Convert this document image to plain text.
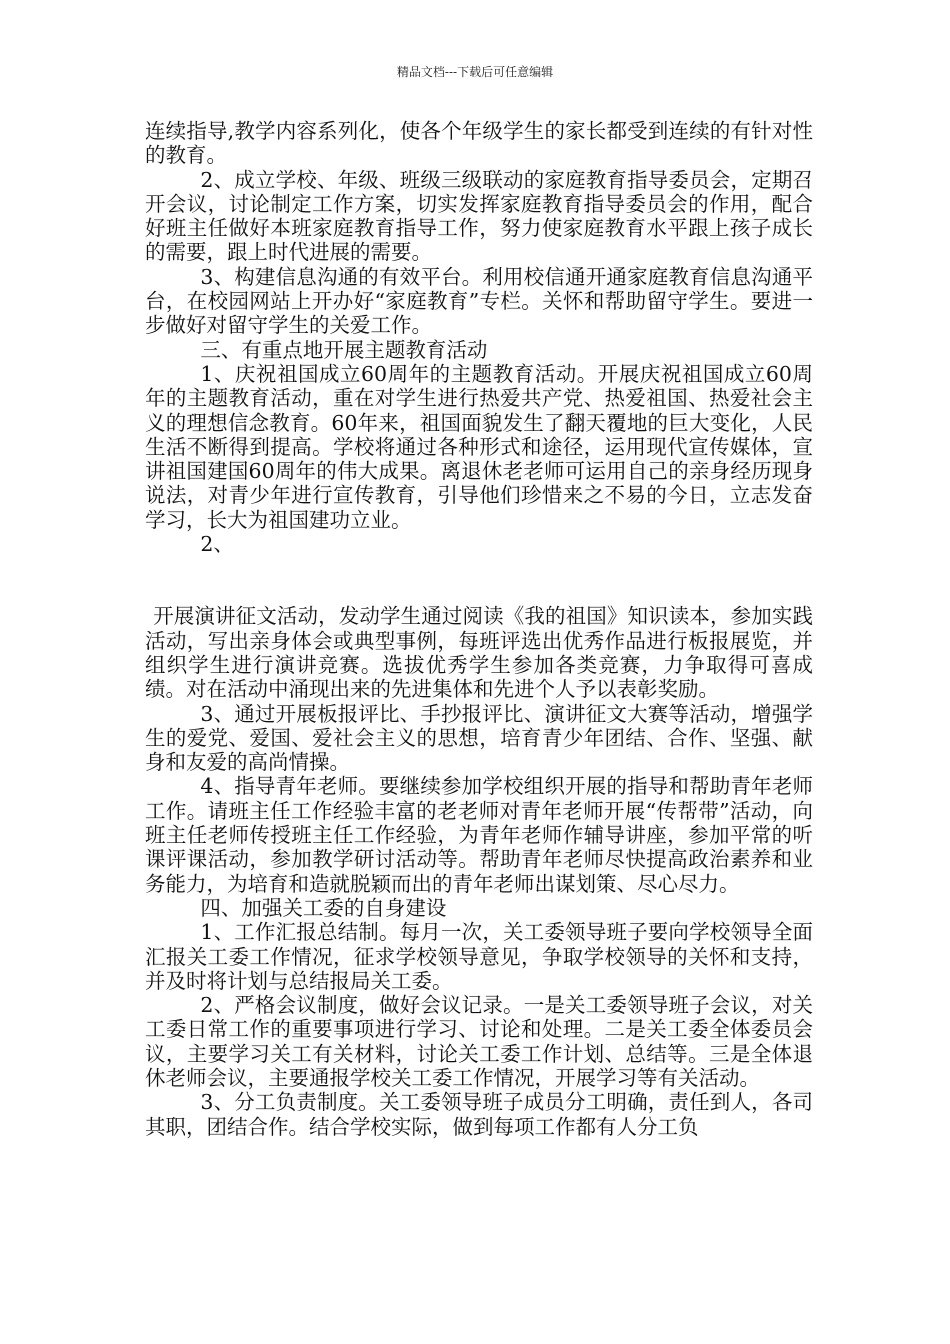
精品文档---下载后可任意编辑

连续指导,教学内容系列化，使各个年级学生的家长都受到连续的有针对性的教育。

2、成立学校、年级、班级三级联动的家庭教育指导委员会，定期召开会议，讨论制定工作方案，切实发挥家庭教育指导委员会的作用，配合好班主任做好本班家庭教育指导工作，努力使家庭教育水平跟上孩子成长的需要，跟上时代进展的需要。

3、构建信息沟通的有效平台。利用校信通开通家庭教育信息沟通平台，在校园网站上开办好“家庭教育”专栏。关怀和帮助留守学生。要进一步做好对留守学生的关爱工作。

三、有重点地开展主题教育活动

1、庆祝祖国成立60周年的主题教育活动。开展庆祝祖国成立60周年的主题教育活动，重在对学生进行热爱共产党、热爱祖国、热爱社会主义的理想信念教育。60年来，祖国面貌发生了翻天覆地的巨大变化，人民生活不断得到提高。学校将通过各种形式和途径，运用现代宣传媒体，宣讲祖国建国60周年的伟大成果。离退休老老师可运用自己的亲身经历现身说法，对青少年进行宣传教育，引导他们珍惜来之不易的今日，立志发奋学习，长大为祖国建功立业。

2、

开展演讲征文活动，发动学生通过阅读《我的祖国》知识读本，参加实践活动，写出亲身体会或典型事例，每班评选出优秀作品进行板报展览，并组织学生进行演讲竞赛。选拔优秀学生参加各类竞赛，力争取得可喜成绩。对在活动中涌现出来的先进集体和先进个人予以表彰奖励。

3、通过开展板报评比、手抄报评比、演讲征文大赛等活动，增强学生的爱党、爱国、爱社会主义的思想，培育青少年团结、合作、坚强、献身和友爱的高尚情操。

4、指导青年老师。要继续参加学校组织开展的指导和帮助青年老师工作。请班主任工作经验丰富的老老师对青年老师开展“传帮带”活动，向班主任老师传授班主任工作经验，为青年老师作辅导讲座，参加平常的听课评课活动，参加教学研讨活动等。帮助青年老师尽快提高政治素养和业务能力，为培育和造就脱颖而出的青年老师出谋划策、尽心尽力。

四、加强关工委的自身建设

1、工作汇报总结制。每月一次，关工委领导班子要向学校领导全面汇报关工委工作情况，征求学校领导意见，争取学校领导的关怀和支持，并及时将计划与总结报局关工委。

2、严格会议制度，做好会议记录。一是关工委领导班子会议，对关工委日常工作的重要事项进行学习、讨论和处理。二是关工委全体委员会议，主要学习关工有关材料，讨论关工委工作计划、总结等。三是全体退休老师会议，主要通报学校关工委工作情况，开展学习等有关活动。

3、分工负责制度。关工委领导班子成员分工明确，责任到人，各司其职，团结合作。结合学校实际，做到每项工作都有人分工负
